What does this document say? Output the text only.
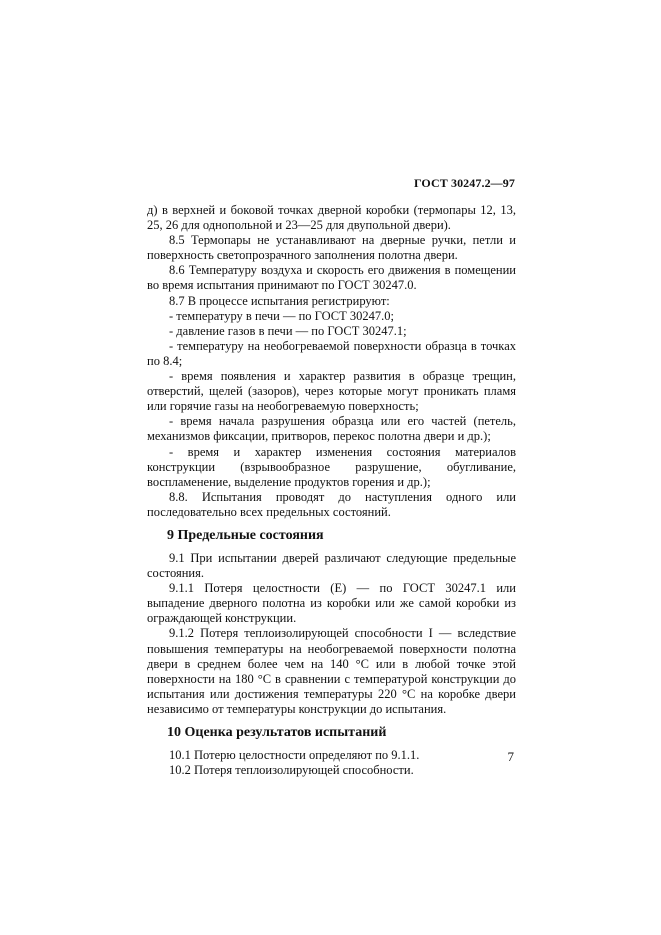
ГОСТ 30247.2—97

д) в верхней и боковой точках дверной коробки (термопары 12, 13, 25, 26 для однопольной и 23—25 для двупольной двери).

8.5 Термопары не устанавливают на дверные ручки, петли и поверхность светопрозрачного заполнения полотна двери.

8.6 Температуру воздуха и скорость его движения в помещении во время испытания принимают по ГОСТ 30247.0.

8.7 В процессе испытания регистрируют:

- температуру в печи — по ГОСТ 30247.0;

- давление газов в печи — по ГОСТ 30247.1;

- температуру на необогреваемой поверхности образца в точках по 8.4;

- время появления и характер развития в образце трещин, отверстий, щелей (зазоров), через которые могут проникать пламя или горячие газы на необогреваемую поверхность;

- время начала разрушения образца или его частей (петель, механизмов фиксации, притворов, перекос полотна двери и др.);

- время и характер изменения состояния материалов конструкции (взрывообразное разрушение, обугливание, воспламенение, выделение продуктов горения и др.);

8.8. Испытания проводят до наступления одного или последовательно всех предельных состояний.

9 Предельные состояния

9.1 При испытании дверей различают следующие предельные состояния.

9.1.1 Потеря целостности (Е) — по ГОСТ 30247.1 или выпадение дверного полотна из коробки или же самой коробки из ограждающей конструкции.

9.1.2 Потеря теплоизолирующей способности I — вследствие повышения температуры на необогреваемой поверхности полотна двери в среднем более чем на 140 °С или в любой точке этой поверхности на 180 °С в сравнении с температурой конструкции до испытания или достижения температуры 220 °С на коробке двери независимо от температуры конструкции до испытания.

10 Оценка результатов испытаний

10.1 Потерю целостности определяют по 9.1.1.

10.2 Потеря теплоизолирующей способности.

7
